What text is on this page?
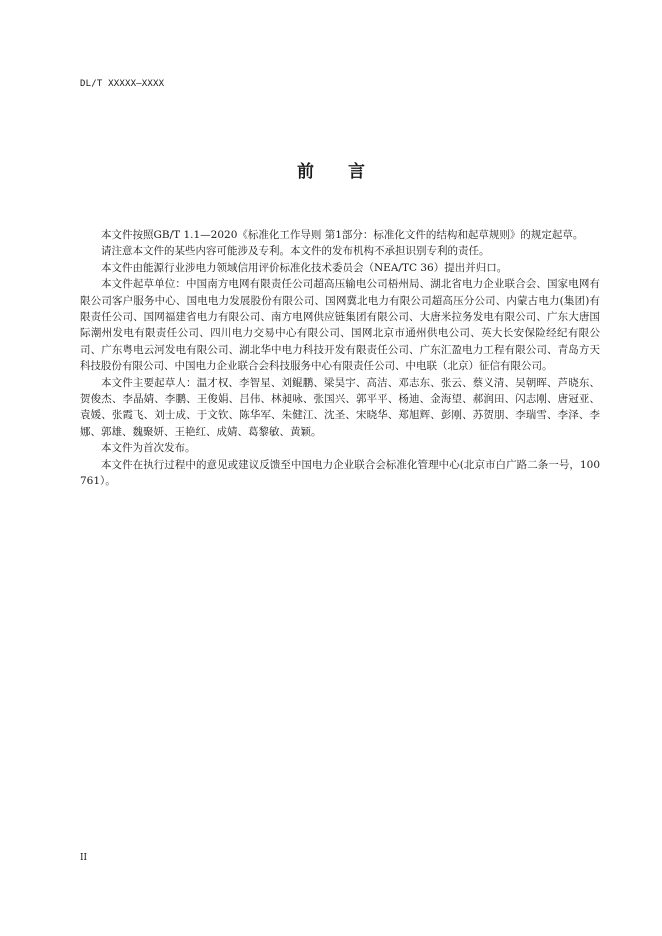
DL/T XXXXX—XXXX
前 言

本文件按照GB/T 1.1—2020《标准化工作导则 第1部分：标准化文件的结构和起草规则》的规定起草。

请注意本文件的某些内容可能涉及专利。本文件的发布机构不承担识别专利的责任。

本文件由能源行业涉电力领域信用评价标准化技术委员会（NEA/TC 36）提出并归口。

本文件起草单位：中国南方电网有限责任公司超高压输电公司梧州局、湖北省电力企业联合会、国家电网有限公司客户服务中心、国电电力发展股份有限公司、国网冀北电力有限公司超高压分公司、内蒙古电力(集团)有限责任公司、国网福建省电力有限公司、南方电网供应链集团有限公司、大唐米拉务发电有限公司、广东大唐国际潮州发电有限责任公司、四川电力交易中心有限公司、国网北京市通州供电公司、英大长安保险经纪有限公司、广东粤电云河发电有限公司、湖北华中电力科技开发有限责任公司、广东汇盈电力工程有限公司、青岛方天科技股份有限公司、中国电力企业联合会科技服务中心有限责任公司、中电联（北京）征信有限公司。

本文件主要起草人：温才权、李智星、刘鲲鹏、梁昊宇、高洁、邓志东、张云、蔡义清、吴朝晖、芦晓东、贺俊杰、李晶婧、李鹏、王俊娟、吕伟、林昶咏、张国兴、郭平平、杨迪、金海望、郝润田、闪志刚、唐冠亚、袁媛、张霞飞、刘士成、于文钦、陈华军、朱健江、沈圣、宋晓华、郑旭辉、彭刚、苏贺朋、李瑞雪、李泽、李娜、郭雄、魏聚妍、王艳红、成婧、葛黎敏、黄颖。

本文件为首次发布。

本文件在执行过程中的意见或建议反馈至中国电力企业联合会标准化管理中心(北京市白广路二条一号，100761）。

II
